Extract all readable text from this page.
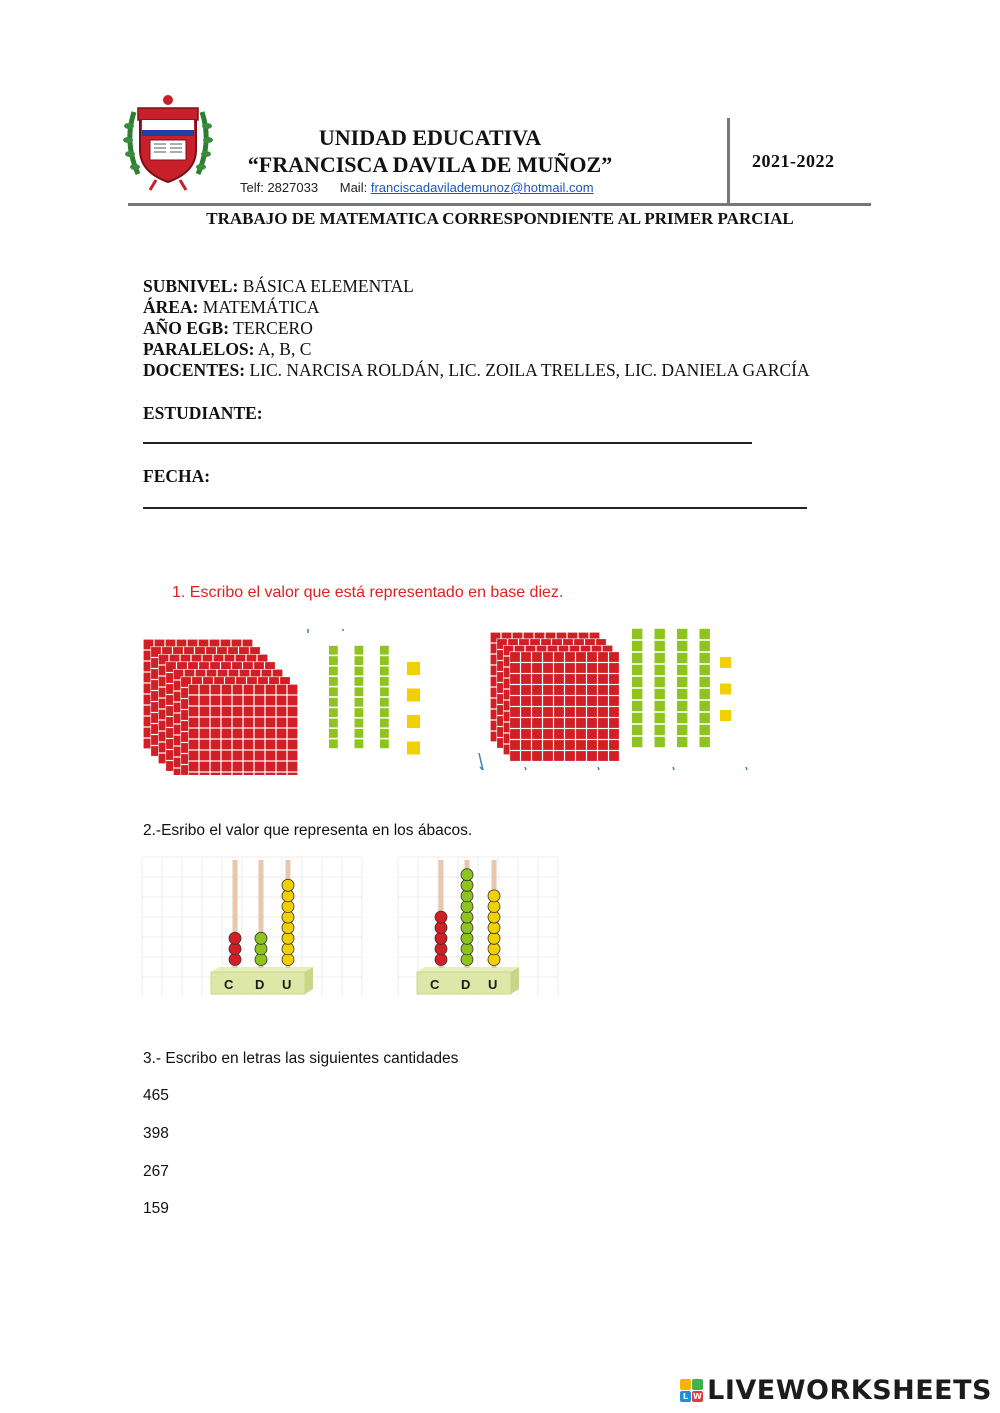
UNIDAD EDUCATIVA
“FRANCISCA DAVILA DE MUÑOZ”
Telf: 2827033 Mail: franciscadavilademunoz@hotmail.com
2021-2022
TRABAJO DE MATEMATICA CORRESPONDIENTE AL PRIMER PARCIAL
SUBNIVEL: BÁSICA ELEMENTAL
ÁREA: MATEMÁTICA
AÑO EGB: TERCERO
PARALELOS: A, B, C
DOCENTES: LIC. NARCISA ROLDÁN, LIC. ZOILA TRELLES, LIC. DANIELA GARCÍA
ESTUDIANTE:
FECHA:
1. Escribo el valor que está representado en base diez.
2.-Esribo el valor que representa en los ábacos.
C D U	C D U
3.- Escribo en letras las siguientes cantidades
465
398
267
159
L W LIVEWORKSHEETS
